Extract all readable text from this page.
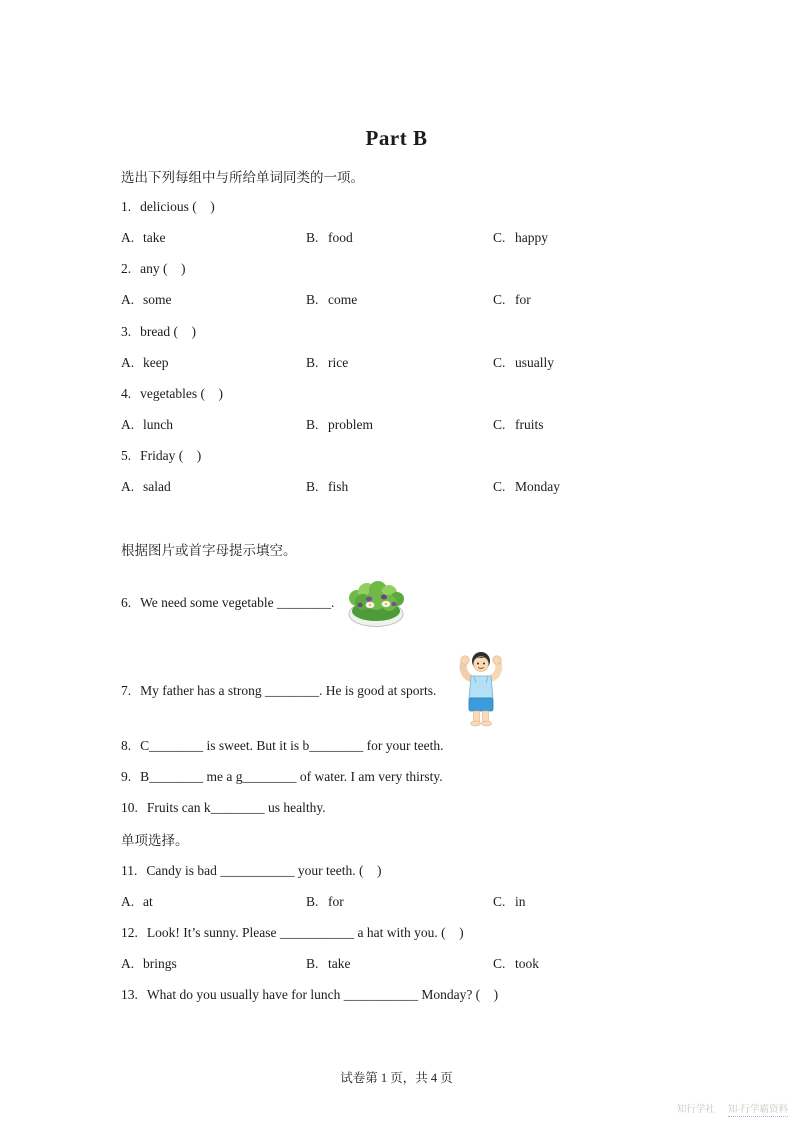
Part B
选出下列每组中与所给单词同类的一项。
1. delicious (    )
A. take	B. food	C. happy
2. any (    )
A. some	B. come	C. for
3. bread (    )
A. keep	B. rice	C. usually
4. vegetables (    )
A. lunch	B. problem	C. fruits
5. Friday (    )
A. salad	B. fish	C. Monday
根据图片或首字母提示填空。
6. We need some vegetable ________.
7. My father has a strong ________. He is good at sports.
8. C________ is sweet. But it is b________ for your teeth.
9. B________ me a g________ of water. I am very thirsty.
10. Fruits can k________ us healthy.
单项选择。
11. Candy is bad ___________ your teeth. (    )
A. at	B. for	C. in
12. Look! It’s sunny. Please ___________ a hat with you. (    )
A. brings	B. take	C. took
13. What do you usually have for lunch ___________ Monday? (    )
试卷第 1 页，共 4 页
知行学社 知·行学霸资料
